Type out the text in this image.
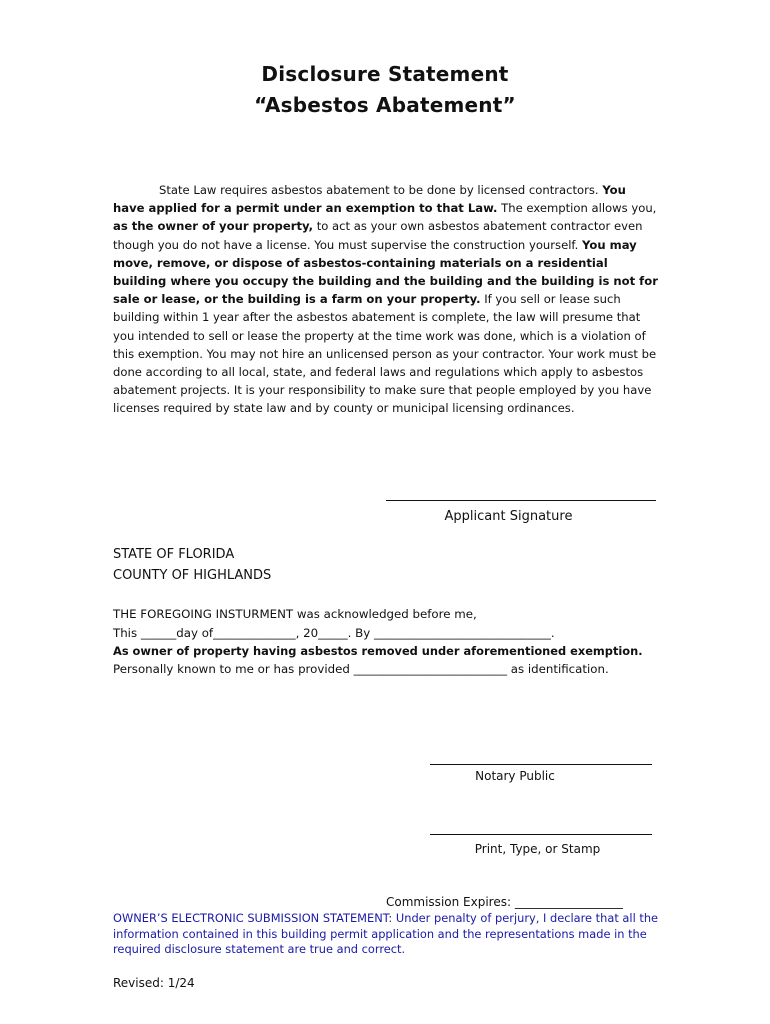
Disclosure Statement
“Asbestos Abatement”
State Law requires asbestos abatement to be done by licensed contractors. You have applied for a permit under an exemption to that Law. The exemption allows you, as the owner of your property, to act as your own asbestos abatement contractor even though you do not have a license. You must supervise the construction yourself. You may move, remove, or dispose of asbestos-containing materials on a residential building where you occupy the building and the building and the building is not for sale or lease, or the building is a farm on your property. If you sell or lease such building within 1 year after the asbestos abatement is complete, the law will presume that you intended to sell or lease the property at the time work was done, which is a violation of this exemption. You may not hire an unlicensed person as your contractor. Your work must be done according to all local, state, and federal laws and regulations which apply to asbestos abatement projects. It is your responsibility to make sure that people employed by you have licenses required by state law and by county or municipal licensing ordinances.
Applicant Signature
STATE OF FLORIDA
COUNTY OF HIGHLANDS
THE FOREGOING INSTURMENT was acknowledged before me,
This ______day of______________, 20_____. By ______________________________.
As owner of property having asbestos removed under aforementioned exemption.
Personally known to me or has provided __________________________ as identification.
Notary Public
Print, Type, or Stamp
Commission Expires: __________________
OWNER’S ELECTRONIC SUBMISSION STATEMENT: Under penalty of perjury, I declare that all the information contained in this building permit application and the representations made in the required disclosure statement are true and correct.
Revised: 1/24
